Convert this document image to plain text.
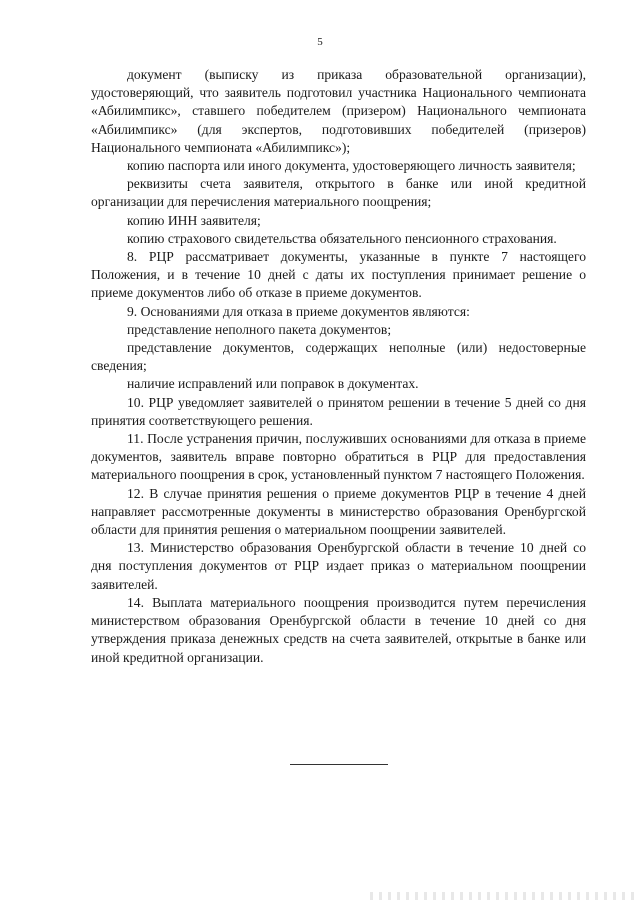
5

документ (выписку из приказа образовательной организации), удостоверяющий, что заявитель подготовил участника Национального чемпионата «Абилимпикс», ставшего победителем (призером) Национального чемпионата «Абилимпикс» (для экспертов, подготовивших победителей (призеров) Национального чемпионата «Абилимпикс»);

копию паспорта или иного документа, удостоверяющего личность заявителя;

реквизиты счета заявителя, открытого в банке или иной кредитной организации для перечисления материального поощрения;

копию ИНН заявителя;

копию страхового свидетельства обязательного пенсионного страхования.

8. РЦР рассматривает документы, указанные в пункте 7 настоящего Положения, и в течение 10 дней с даты их поступления принимает решение о приеме документов либо об отказе в приеме документов.

9. Основаниями для отказа в приеме документов являются:

представление неполного пакета документов;

представление документов, содержащих неполные (или) недостоверные сведения;

наличие исправлений или поправок в документах.

10. РЦР уведомляет заявителей о принятом решении в течение 5 дней со дня принятия соответствующего решения.

11. После устранения причин, послуживших основаниями для отказа в приеме документов, заявитель вправе повторно обратиться в РЦР для предоставления материального поощрения в срок, установленный пунктом 7 настоящего Положения.

12. В случае принятия решения о приеме документов РЦР в течение 4 дней направляет рассмотренные документы в министерство образования Оренбургской области для принятия решения о материальном поощрении заявителей.

13. Министерство образования Оренбургской области в течение 10 дней со дня поступления документов от РЦР издает приказ о материальном поощрении заявителей.

14. Выплата материального поощрения производится путем перечисления министерством образования Оренбургской области в течение 10 дней со дня утверждения приказа денежных средств на счета заявителей, открытые в банке или иной кредитной организации.
